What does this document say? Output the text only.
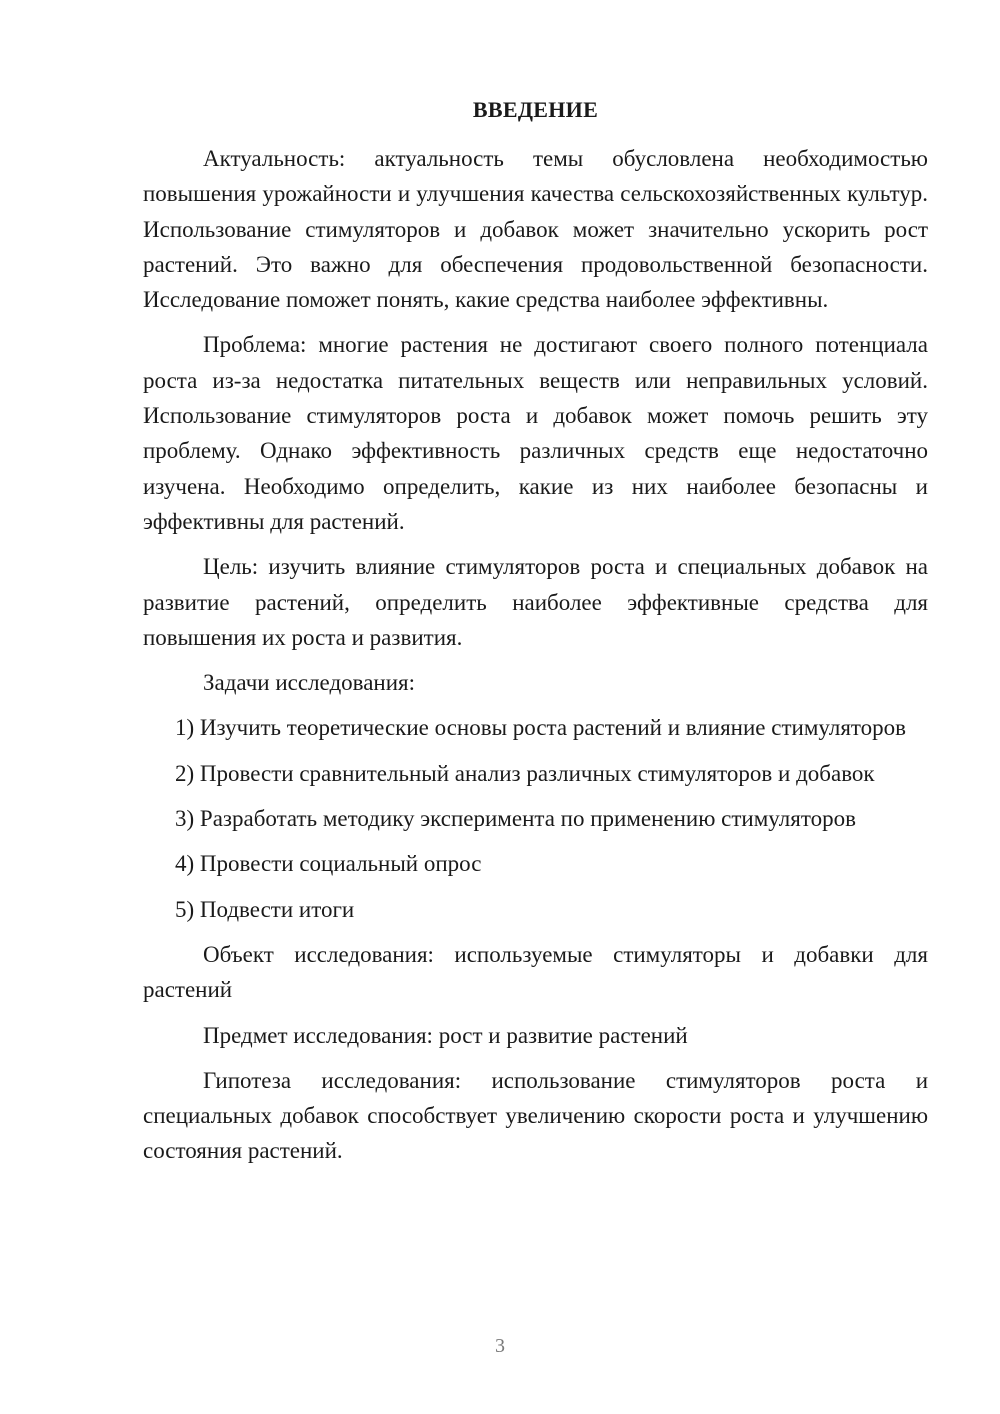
ВВЕДЕНИЕ

Актуальность: актуальность темы обусловлена необходимостью повышения урожайности и улучшения качества сельскохозяйственных культур. Использование стимуляторов и добавок может значительно ускорить рост растений. Это важно для обеспечения продовольственной безопасности. Исследование поможет понять, какие средства наиболее эффективны.

Проблема: многие растения не достигают своего полного потенциала роста из-за недостатка питательных веществ или неправильных условий. Использование стимуляторов роста и добавок может помочь решить эту проблему. Однако эффективность различных средств еще недостаточно изучена. Необходимо определить, какие из них наиболее безопасны и эффективны для растений.

Цель: изучить влияние стимуляторов роста и специальных добавок на развитие растений, определить наиболее эффективные средства для повышения их роста и развития.

Задачи исследования:

1) Изучить теоретические основы роста растений и влияние стимуляторов

2) Провести сравнительный анализ различных стимуляторов и добавок

3) Разработать методику эксперимента по применению стимуляторов

4) Провести социальный опрос

5) Подвести итоги

Объект исследования: используемые стимуляторы и добавки для растений

Предмет исследования: рост и развитие растений

Гипотеза исследования: использование стимуляторов роста и специальных добавок способствует увеличению скорости роста и улучшению состояния растений.

3
